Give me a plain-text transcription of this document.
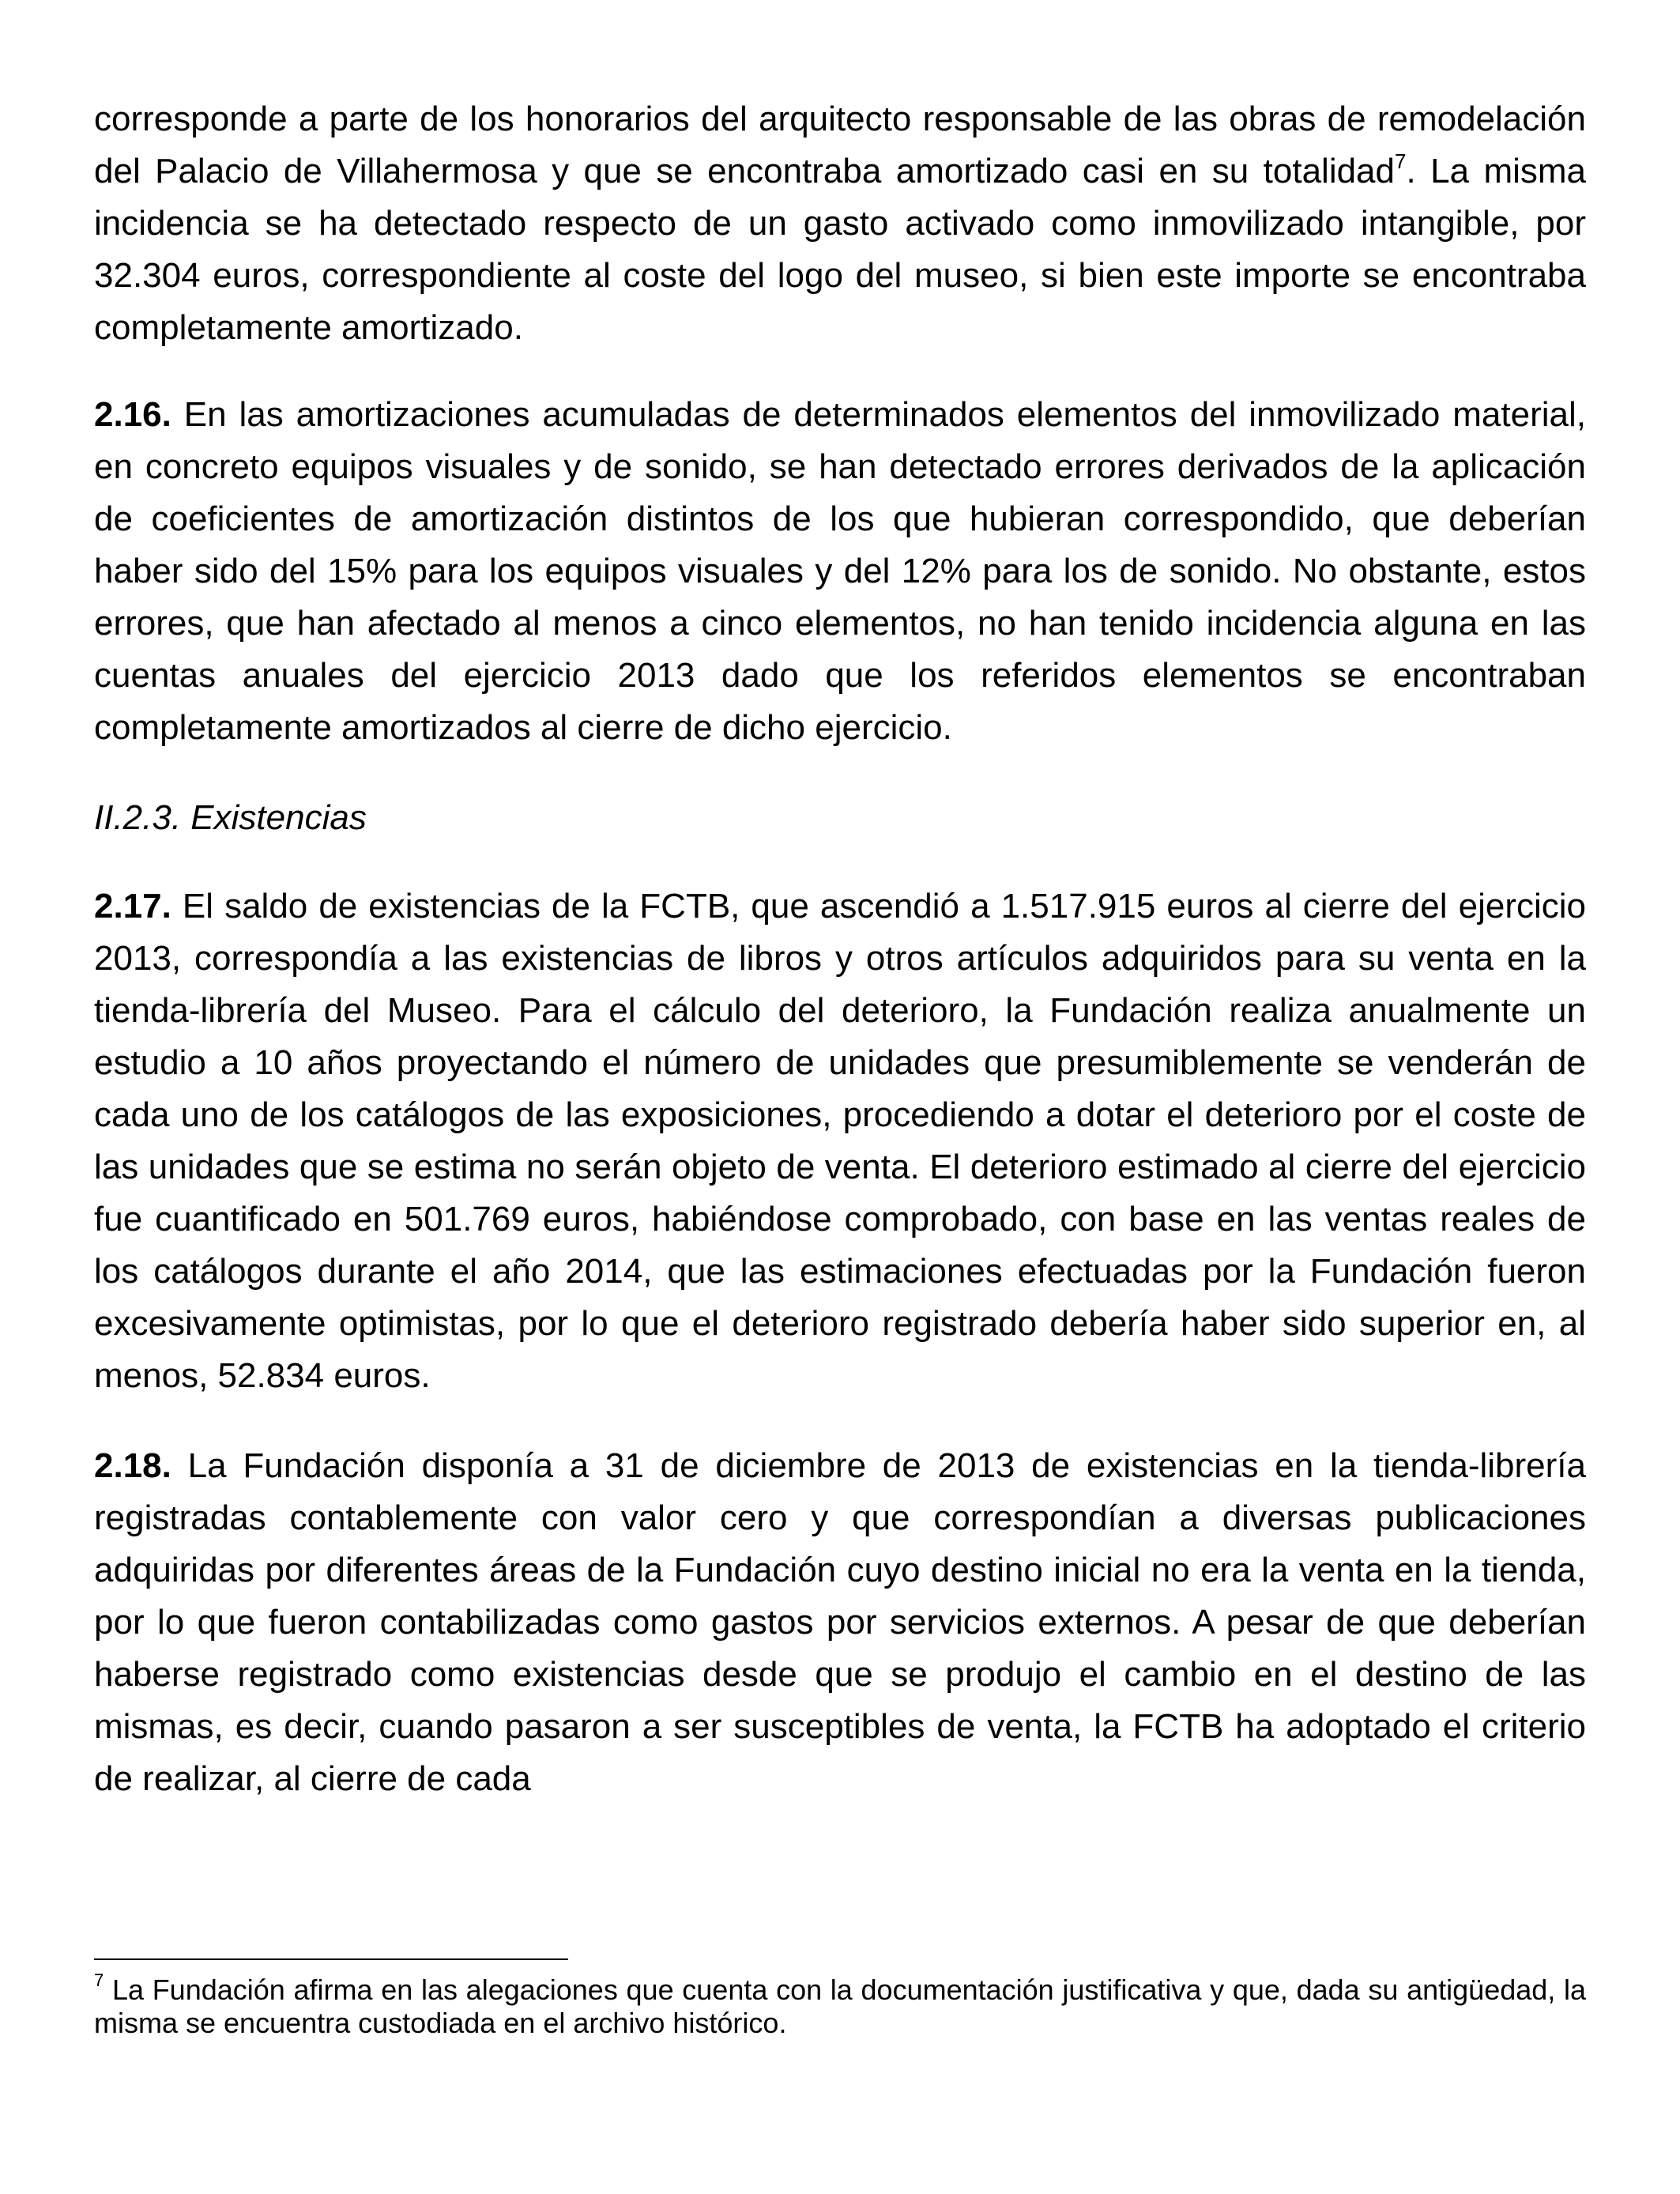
corresponde a parte de los honorarios del arquitecto responsable de las obras de remodelación del Palacio de Villahermosa y que se encontraba amortizado casi en su totalidad$^7$. La misma incidencia se ha detectado respecto de un gasto activado como inmovilizado intangible, por 32.304 euros, correspondiente al coste del logo del museo, si bien este importe se encontraba completamente amortizado.

2.16. En las amortizaciones acumuladas de determinados elementos del inmovilizado material, en concreto equipos visuales y de sonido, se han detectado errores derivados de la aplicación de coeficientes de amortización distintos de los que hubieran correspondido, que deberían haber sido del 15% para los equipos visuales y del 12% para los de sonido. No obstante, estos errores, que han afectado al menos a cinco elementos, no han tenido incidencia alguna en las cuentas anuales del ejercicio 2013 dado que los referidos elementos se encontraban completamente amortizados al cierre de dicho ejercicio.

II.2.3. Existencias

2.17. El saldo de existencias de la FCTB, que ascendió a 1.517.915 euros al cierre del ejercicio 2013, correspondía a las existencias de libros y otros artículos adquiridos para su venta en la tienda-librería del Museo. Para el cálculo del deterioro, la Fundación realiza anualmente un estudio a 10 años proyectando el número de unidades que presumiblemente se venderán de cada uno de los catálogos de las exposiciones, procediendo a dotar el deterioro por el coste de las unidades que se estima no serán objeto de venta. El deterioro estimado al cierre del ejercicio fue cuantificado en 501.769 euros, habiéndose comprobado, con base en las ventas reales de los catálogos durante el año 2014, que las estimaciones efectuadas por la Fundación fueron excesivamente optimistas, por lo que el deterioro registrado debería haber sido superior en, al menos, 52.834 euros.

2.18. La Fundación disponía a 31 de diciembre de 2013 de existencias en la tienda-librería registradas contablemente con valor cero y que correspondían a diversas publicaciones adquiridas por diferentes áreas de la Fundación cuyo destino inicial no era la venta en la tienda, por lo que fueron contabilizadas como gastos por servicios externos. A pesar de que deberían haberse registrado como existencias desde que se produjo el cambio en el destino de las mismas, es decir, cuando pasaron a ser susceptibles de venta, la FCTB ha adoptado el criterio de realizar, al cierre de cada

$^7$ La Fundación afirma en las alegaciones que cuenta con la documentación justificativa y que, dada su antigüedad, la misma se encuentra custodiada en el archivo histórico.
